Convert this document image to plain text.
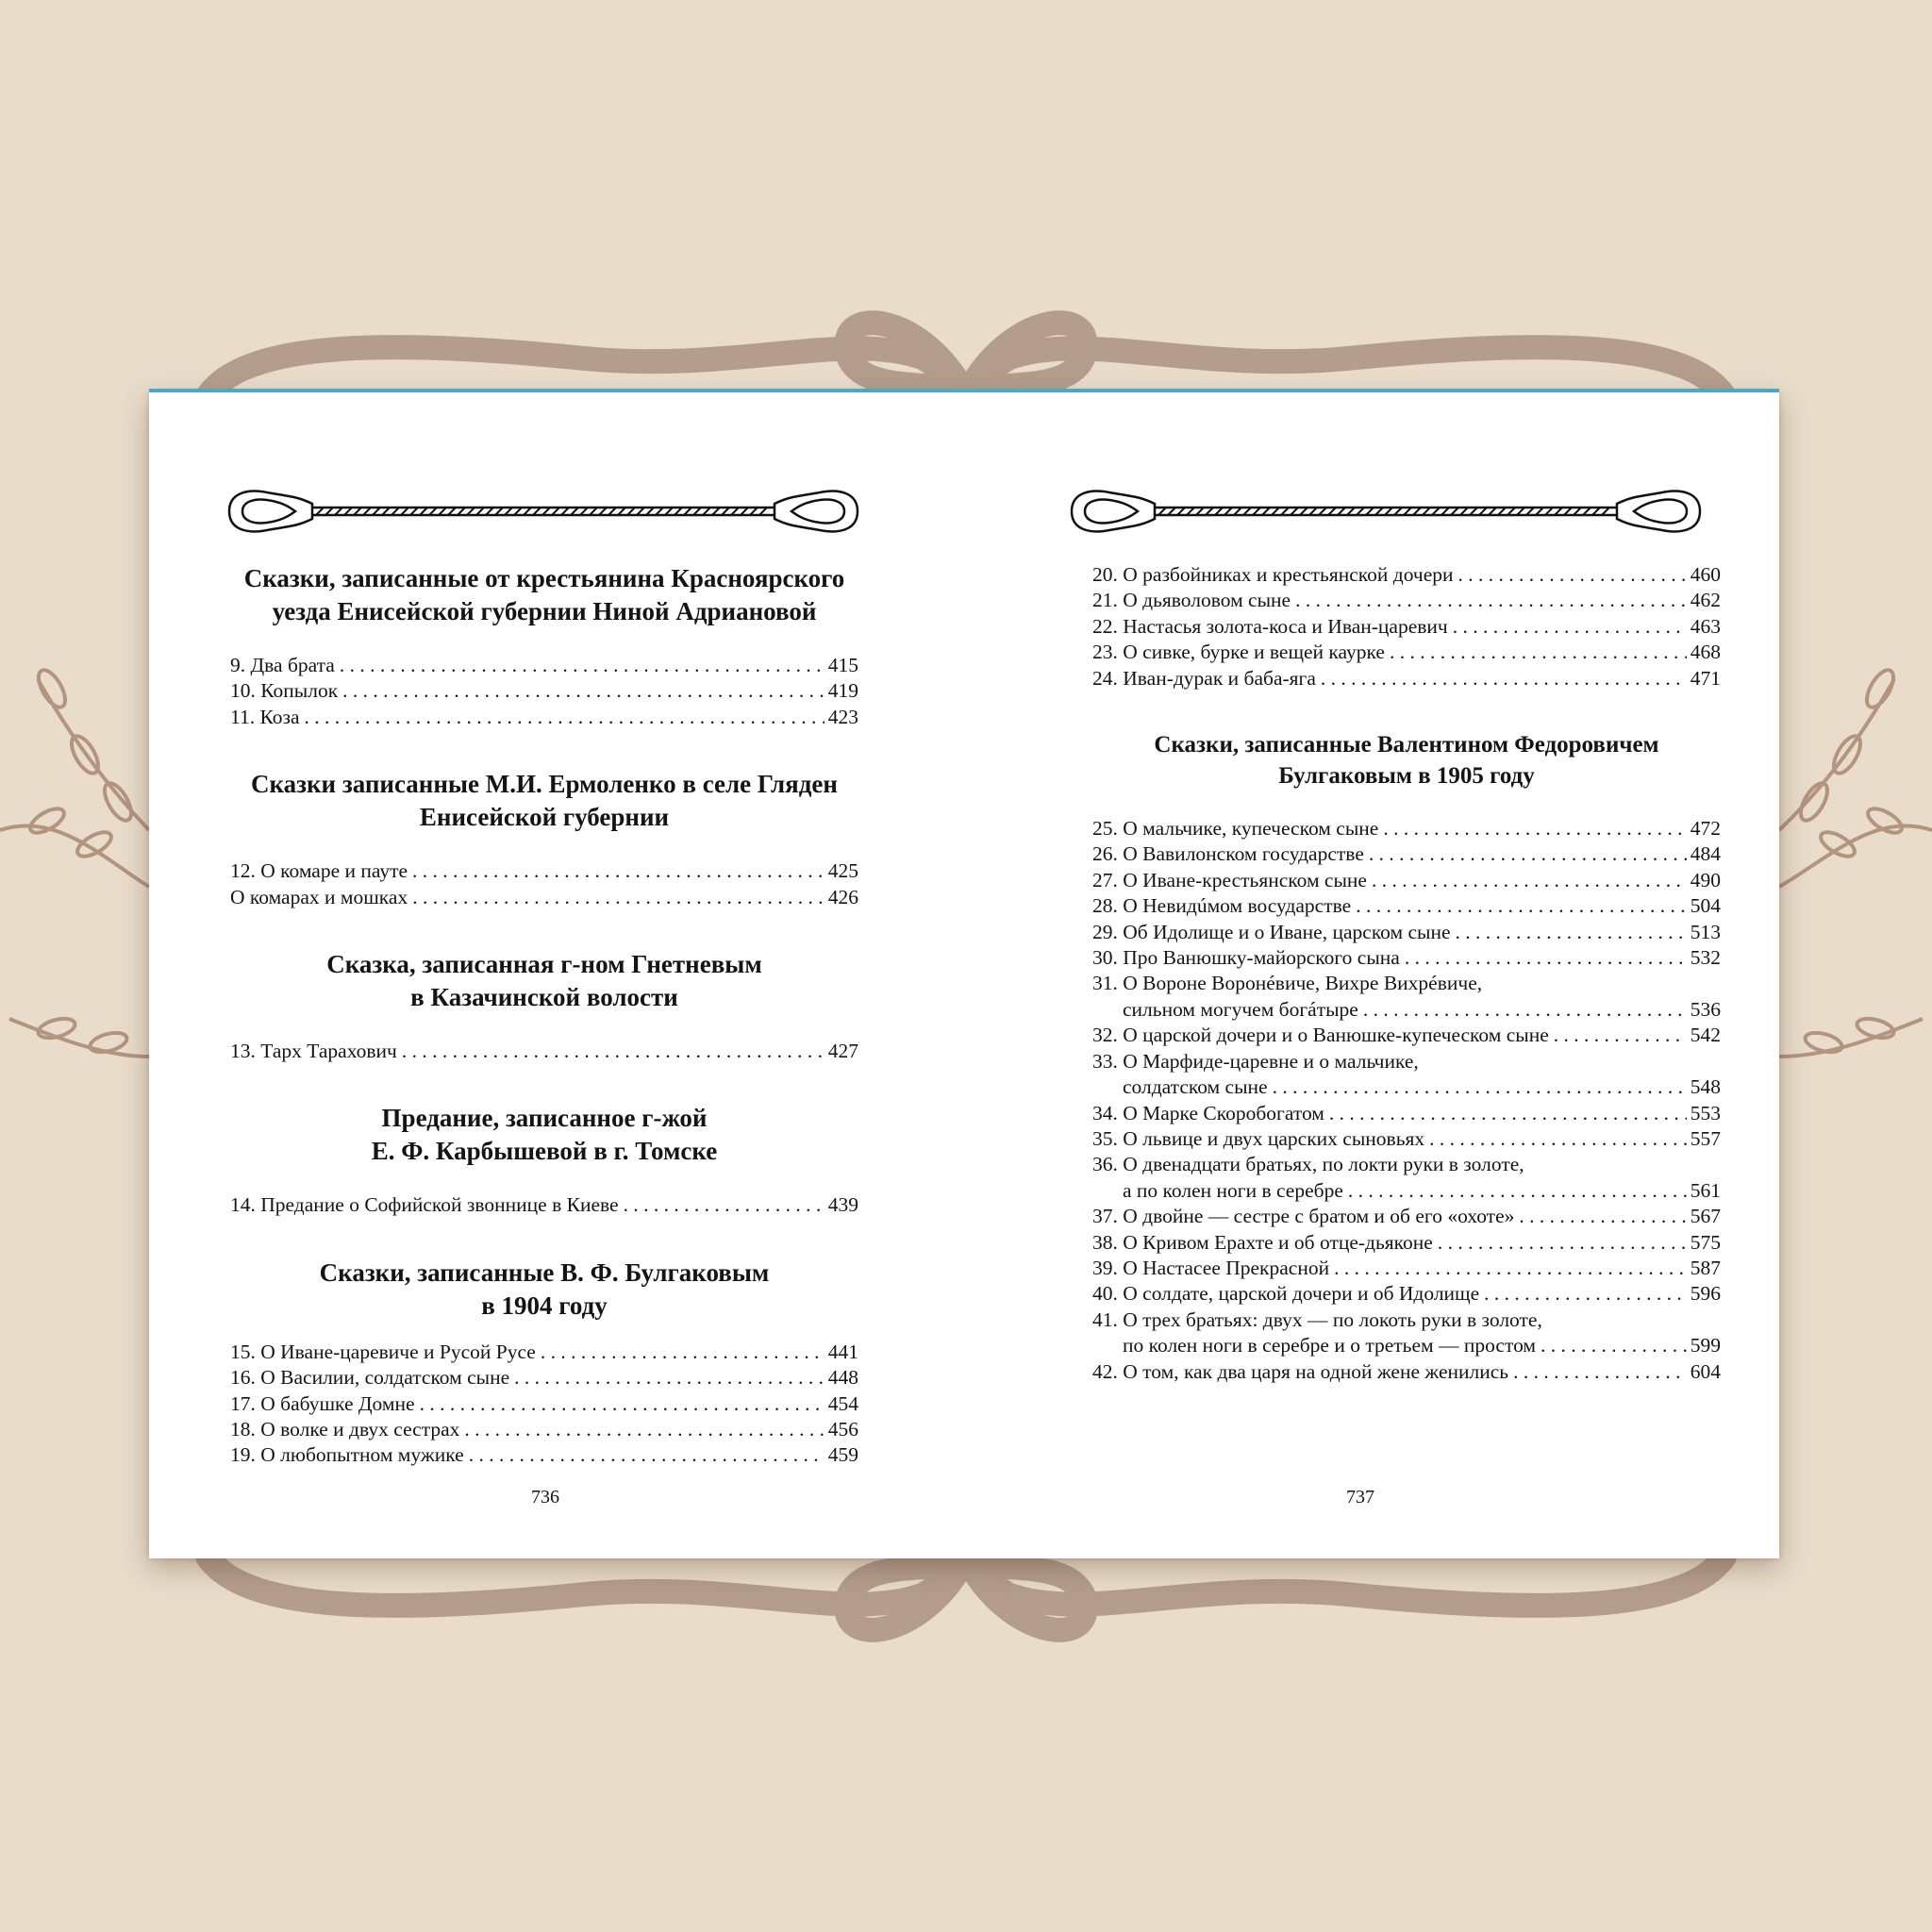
Сказки, записанные от крестьянина Красноярского
уезда Енисейской губернии Ниной Адриановой
9. Два брата . . .	415
10. Копылок . . .	419
11. Коза . . .	423
Сказки записанные М.И. Ермоленко в селе Гляден
Енисейской губернии
12. О комаре и пауте . . .	425
О комарах и мошках . . .	426
Сказка, записанная г-ном Гнетневым
в Казачинской волости
13. Тарх Тарахович . . .	427
Предание, записанное г-жой
Е. Ф. Карбышевой в г. Томске
14. Предание о Софийской звоннице в Киеве . . .	439
Сказки, записанные В. Ф. Булгаковым
в 1904 году
15. О Иване-царевиче и Русой Русе . . .	441
16. О Василии, солдатском сыне . . .	448
17. О бабушке Домне . . .	454
18. О волке и двух сестрах . . .	456
19. О любопытном мужике . . .	459
736
20. О разбойниках и крестьянской дочери . . .	460
21. О дьяволовом сыне . . .	462
22. Настасья золота-коса и Иван-царевич . . .	463
23. О сивке, бурке и вещей каурке . . .	468
24. Иван-дурак и баба-яга . . .	471
Сказки, записанные Валентином Федоровичем
Булгаковым в 1905 году
25. О мальчике, купеческом сыне . . .	472
26. О Вавилонском государстве . . .	484
27. О Иване-крестьянском сыне . . .	490
28. О Невидúмом восударстве . . .	504
29. Об Идолище и о Иване, царском сыне . . .	513
30. Про Ванюшку-майорского сына . . .	532
31. О Вороне Воронéвиче, Вихре Вихрéвиче,
сильном могучем богáтыре . . .	536
32. О царской дочери и о Ванюшке-купеческом сыне . . .	542
33. О Марфиде-царевне и о мальчике,
солдатском сыне . . .	548
34. О Марке Скоробогатом . . .	553
35. О львице и двух царских сыновьях . . .	557
36. О двенадцати братьях, по локти руки в золоте,
а по колен ноги в серебре . . .	561
37. О двойне — сестре с братом и об его «охоте» . . .	567
38. О Кривом Ерахте и об отце-дьяконе . . .	575
39. О Настасее Прекрасной . . .	587
40. О солдате, царской дочери и об Идолище . . .	596
41. О трех братьях: двух — по локоть руки в золоте,
по колен ноги в серебре и о третьем — простом . . .	599
42. О том, как два царя на одной жене женились . . .	604
737
